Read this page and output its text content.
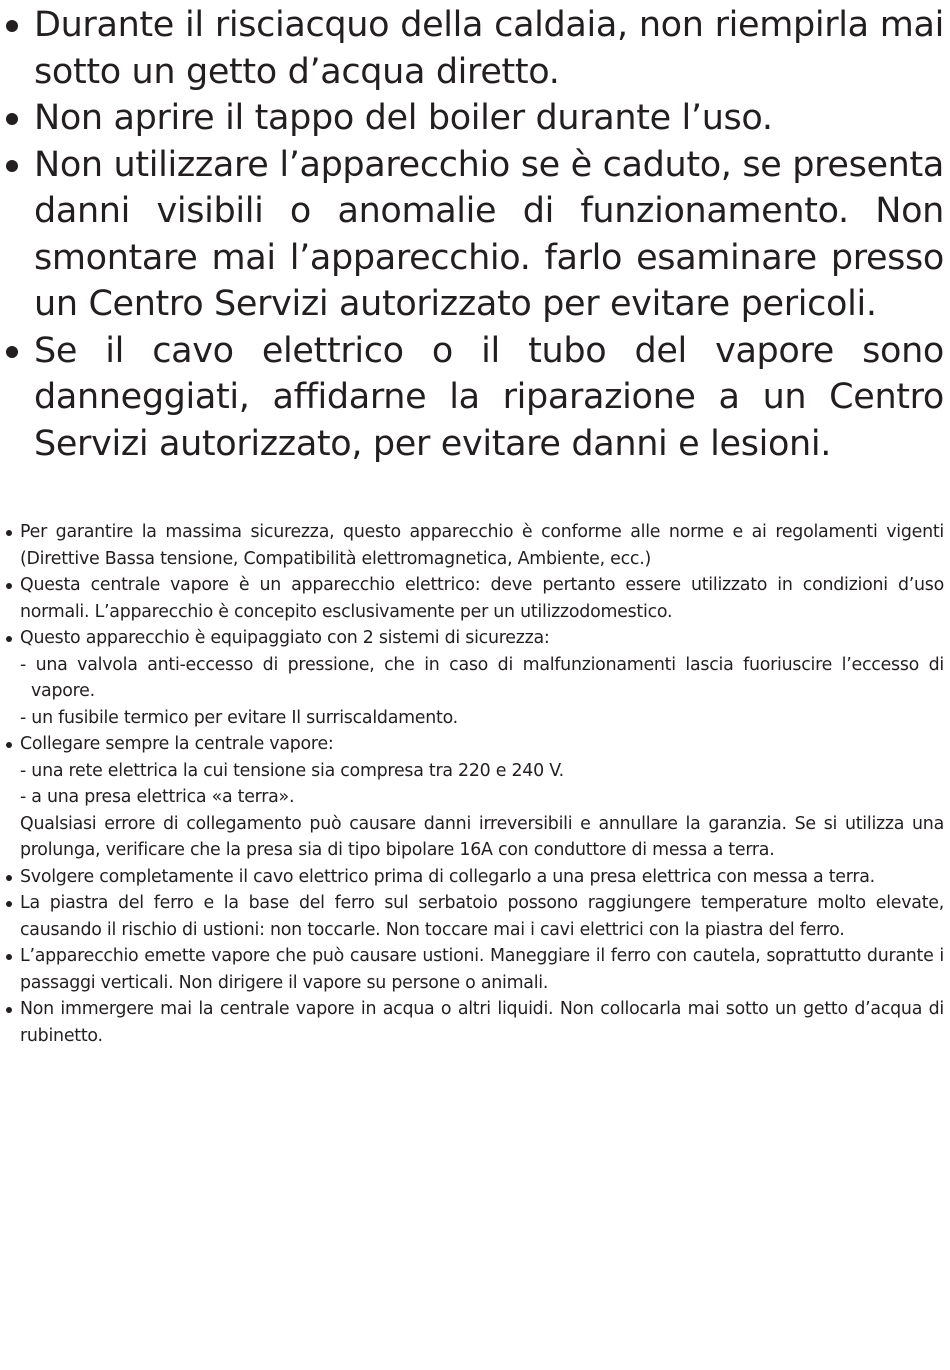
Durante il risciacquo della caldaia, non riempirla mai sotto un getto d’acqua diretto.
Non aprire il tappo del boiler durante l’uso.
Non utilizzare l’apparecchio se è caduto, se presenta danni visibili o anomalie di funzionamento. Non smontare mai l’apparecchio. farlo esaminare presso un Centro Servizi autorizzato per evitare pericoli.
Se il cavo elettrico o il tubo del vapore sono danneggiati, affidarne la riparazione a un Centro Servizi autorizzato, per evitare danni e lesioni.
Per garantire la massima sicurezza, questo apparecchio è conforme alle norme e ai regolamenti vigenti (Direttive Bassa tensione, Compatibilità elettromagnetica, Ambiente, ecc.)
Questa centrale vapore è un apparecchio elettrico: deve pertanto essere utilizzato in condizioni d’uso normali. L’apparecchio è concepito esclusivamente per un utilizzodomestico.
Questo apparecchio è equipaggiato con 2 sistemi di sicurezza:
- una valvola anti-eccesso di pressione, che in caso di malfunzionamenti lascia fuoriuscire l’eccesso di vapore.
- un fusibile termico per evitare Il surriscaldamento.
Collegare sempre la centrale vapore:
- una rete elettrica la cui tensione sia compresa tra 220 e 240 V.
- a una presa elettrica «a terra».
Qualsiasi errore di collegamento può causare danni irreversibili e annullare la garanzia. Se si utilizza una prolunga, verificare che la presa sia di tipo bipolare 16A con conduttore di messa a terra.
Svolgere completamente il cavo elettrico prima di collegarlo a una presa elettrica con messa a terra.
La piastra del ferro e la base del ferro sul serbatoio possono raggiungere temperature molto elevate, causando il rischio di ustioni: non toccarle. Non toccare mai i cavi elettrici con la piastra del ferro.
L’apparecchio emette vapore che può causare ustioni. Maneggiare il ferro con cautela, soprattutto durante i passaggi verticali. Non dirigere il vapore su persone o animali.
Non immergere mai la centrale vapore in acqua o altri liquidi. Non collocarla mai sotto un getto d’acqua di rubinetto.
